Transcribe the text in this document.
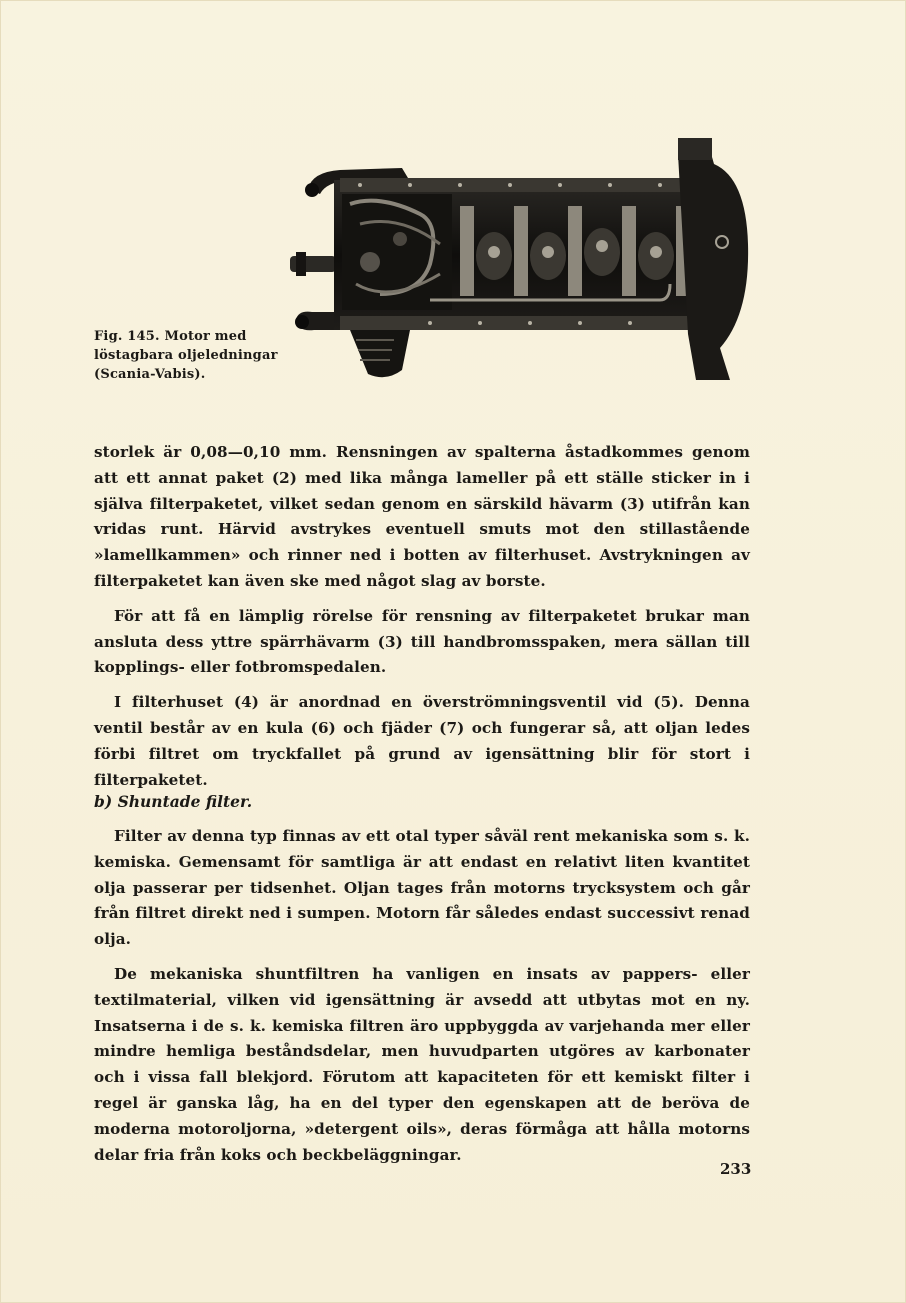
Fig. 145. Motor med
löstagbara oljeledningar
(Scania-Vabis).

storlek är 0,08—0,10 mm. Rensningen av spalterna åstadkommes genom att ett annat paket (2) med lika många lameller på ett ställe sticker in i själva filterpaketet, vilket sedan genom en särskild hävarm (3) utifrån kan vridas runt. Härvid avstrykes eventuell smuts mot den stillastående »lamellkammen» och rinner ned i botten av filterhuset. Avstrykningen av filterpaketet kan även ske med något slag av borste.

För att få en lämplig rörelse för rensning av filterpaketet brukar man ansluta dess yttre spärrhävarm (3) till handbromsspaken, mera sällan till kopplings- eller fotbromspedalen.

I filterhuset (4) är anordnad en överströmningsventil vid (5). Denna ventil består av en kula (6) och fjäder (7) och fungerar så, att oljan ledes förbi filtret om tryckfallet på grund av igensättning blir för stort i filterpaketet.

b) Shuntade filter.

Filter av denna typ finnas av ett otal typer såväl rent mekaniska som s. k. kemiska. Gemensamt för samtliga är att endast en relativt liten kvantitet olja passerar per tidsenhet. Oljan tages från motorns trycksystem och går från filtret direkt ned i sumpen. Motorn får således endast successivt renad olja.

De mekaniska shuntfiltren ha vanligen en insats av pappers- eller textilmaterial, vilken vid igensättning är avsedd att utbytas mot en ny. Insatserna i de s. k. kemiska filtren äro uppbyggda av varjehanda mer eller mindre hemliga beståndsdelar, men huvudparten utgöres av karbonater och i vissa fall blekjord. Förutom att kapaciteten för ett kemiskt filter i regel är ganska låg, ha en del typer den egenskapen att de beröva de moderna motoroljorna, »detergent oils», deras förmåga att hålla motorns delar fria från koks och beckbeläggningar.

233
